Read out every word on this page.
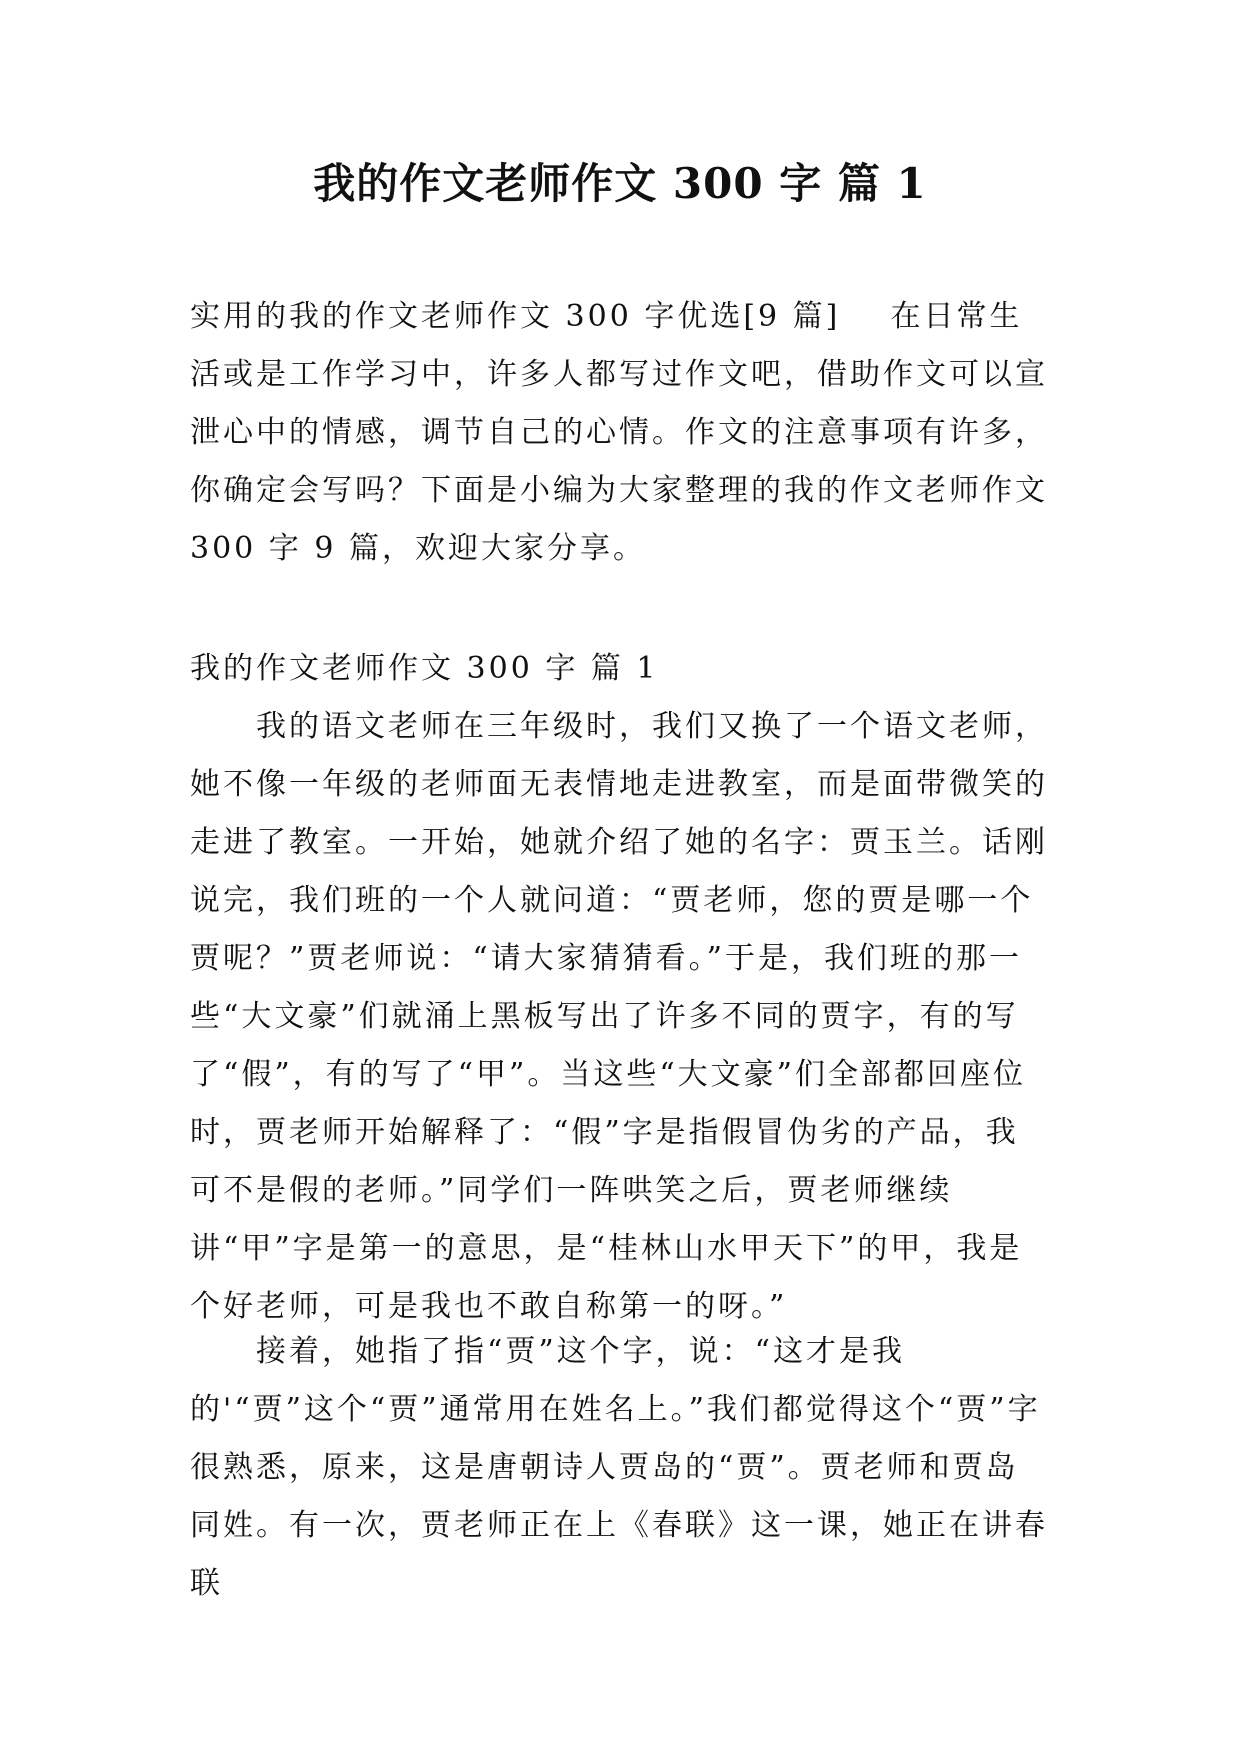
我的作文老师作文 300 字 篇 1

实用的我的作文老师作文 300 字优选[9 篇]    在日常生活或是工作学习中，许多人都写过作文吧，借助作文可以宣泄心中的情感，调节自己的心情。作文的注意事项有许多，你确定会写吗？下面是小编为大家整理的我的作文老师作文 300 字 9 篇，欢迎大家分享。

我的作文老师作文 300 字 篇 1

我的语文老师在三年级时，我们又换了一个语文老师，她不像一年级的老师面无表情地走进教室，而是面带微笑的走进了教室。一开始，她就介绍了她的名字：贾玉兰。话刚说完，我们班的一个人就问道：“贾老师，您的贾是哪一个贾呢？”贾老师说：“请大家猜猜看。”于是，我们班的那一些“大文豪”们就涌上黑板写出了许多不同的贾字，有的写了“假”，有的写了“甲”。当这些“大文豪”们全部都回座位时，贾老师开始解释了：“假”字是指假冒伪劣的产品，我可不是假的老师。”同学们一阵哄笑之后，贾老师继续讲“甲”字是第一的意思，是“桂林山水甲天下”的甲，我是个好老师，可是我也不敢自称第一的呀。”

接着，她指了指“贾”这个字，说：“这才是我的'“贾”这个“贾”通常用在姓名上。”我们都觉得这个“贾”字很熟悉，原来，这是唐朝诗人贾岛的“贾”。贾老师和贾岛同姓。有一次，贾老师正在上《春联》这一课，她正在讲春联
